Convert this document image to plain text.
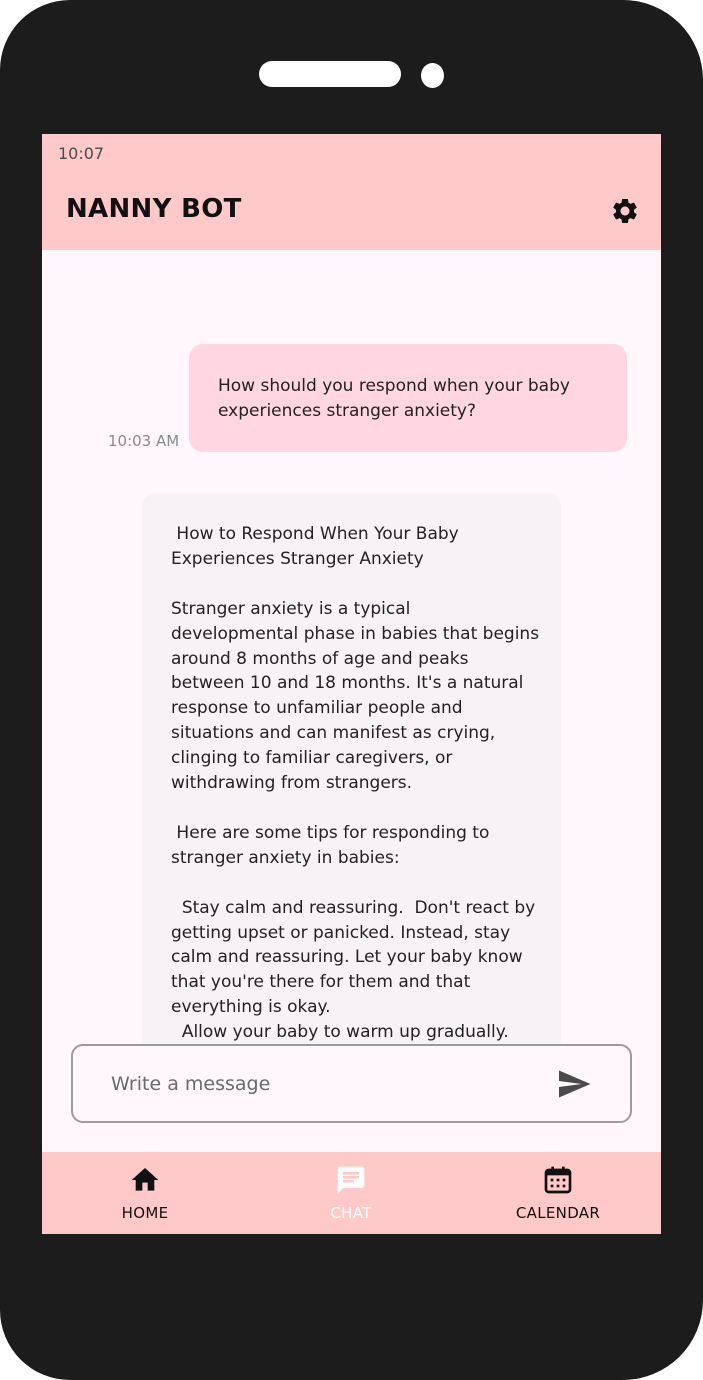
10:07
NANNY BOT
How should you respond when your baby experiences stranger anxiety?
10:03 AM
How to Respond When Your Baby Experiences Stranger Anxiety

Stranger anxiety is a typical developmental phase in babies that begins around 8 months of age and peaks between 10 and 18 months. It's a natural response to unfamiliar people and situations and can manifest as crying, clinging to familiar caregivers, or withdrawing from strangers.

Here are some tips for responding to stranger anxiety in babies:

Stay calm and reassuring.  Don't react by getting upset or panicked. Instead, stay calm and reassuring. Let your baby know that you're there for them and that everything is okay.
Allow your baby to warm up gradually.
Write a message
HOME	CHAT	CALENDAR
